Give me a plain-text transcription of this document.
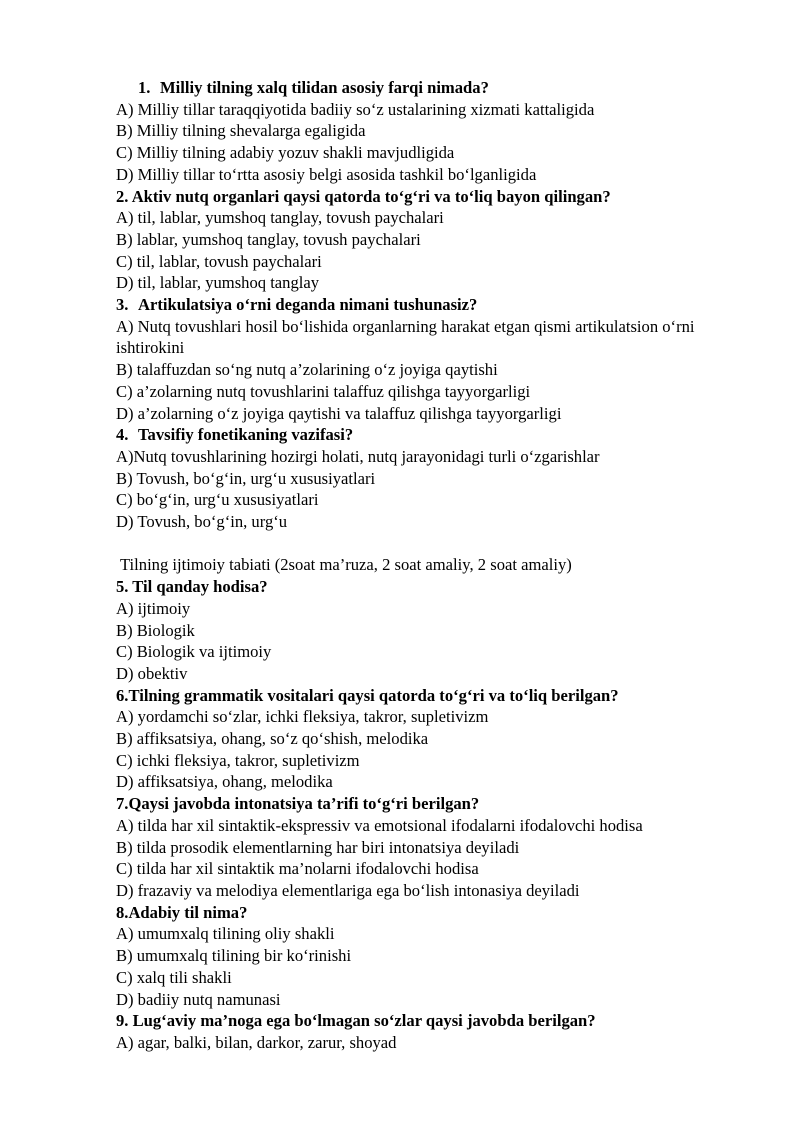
1. Milliy tilning xalq tilidan asosiy farqi nimada?
A) Milliy tillar taraqqiyotida badiiy so‘z ustalarining xizmati kattaligida
B) Milliy tilning shevalarga egaligida
C) Milliy tilning adabiy yozuv shakli mavjudligida
D) Milliy tillar to‘rtta asosiy belgi asosida tashkil bo‘lganligida
2. Aktiv nutq organlari qaysi qatorda to‘g‘ri va to‘liq bayon qilingan?
A) til, lablar, yumshoq tanglay, tovush paychalari
B) lablar, yumshoq tanglay, tovush paychalari
C) til, lablar, tovush paychalari
D) til, lablar, yumshoq tanglay
3. Artikulatsiya o‘rni deganda nimani tushunasiz?
A) Nutq tovushlari hosil bo‘lishida organlarning harakat etgan qismi artikulatsion o‘rni ishtirokini
B) talaffuzdan so‘ng nutq a’zolarining o‘z joyiga qaytishi
C) a’zolarning nutq tovushlarini talaffuz qilishga tayyorgarligi
D) a’zolarning o‘z joyiga qaytishi va talaffuz qilishga tayyorgarligi
4. Tavsifiy fonetikaning vazifasi?
A)Nutq tovushlarining hozirgi holati, nutq jarayonidagi turli o‘zgarishlar
B) Tovush, bo‘g‘in, urg‘u xususiyatlari
C) bo‘g‘in, urg‘u xususiyatlari
D) Tovush, bo‘g‘in, urg‘u
Tilning ijtimoiy tabiati (2soat ma’ruza, 2 soat amaliy, 2 soat amaliy)
5. Til qanday hodisa?
A) ijtimoiy
B) Biologik
C) Biologik va ijtimoiy
D) obektiv
6.Tilning grammatik vositalari qaysi qatorda to‘g‘ri va to‘liq berilgan?
A) yordamchi so‘zlar, ichki fleksiya, takror, supletivizm
B) affiksatsiya, ohang, so‘z qo‘shish, melodika
C) ichki fleksiya, takror, supletivizm
D) affiksatsiya, ohang, melodika
7.Qaysi javobda intonatsiya ta’rifi to‘g‘ri berilgan?
A) tilda har xil sintaktik-ekspressiv va emotsional ifodalarni ifodalovchi hodisa
B) tilda prosodik elementlarning har biri intonatsiya deyiladi
C) tilda har xil sintaktik ma’nolarni ifodalovchi hodisa
D) frazaviy va melodiya elementlariga ega bo‘lish intonasiya deyiladi
8.Adabiy til nima?
A) umumxalq tilining oliy shakli
B) umumxalq tilining bir ko‘rinishi
C) xalq tili shakli
D) badiiy nutq namunasi
9. Lug‘aviy ma’noga ega bo‘lmagan so‘zlar qaysi javobda berilgan?
A) agar, balki, bilan, darkor, zarur, shoyad
